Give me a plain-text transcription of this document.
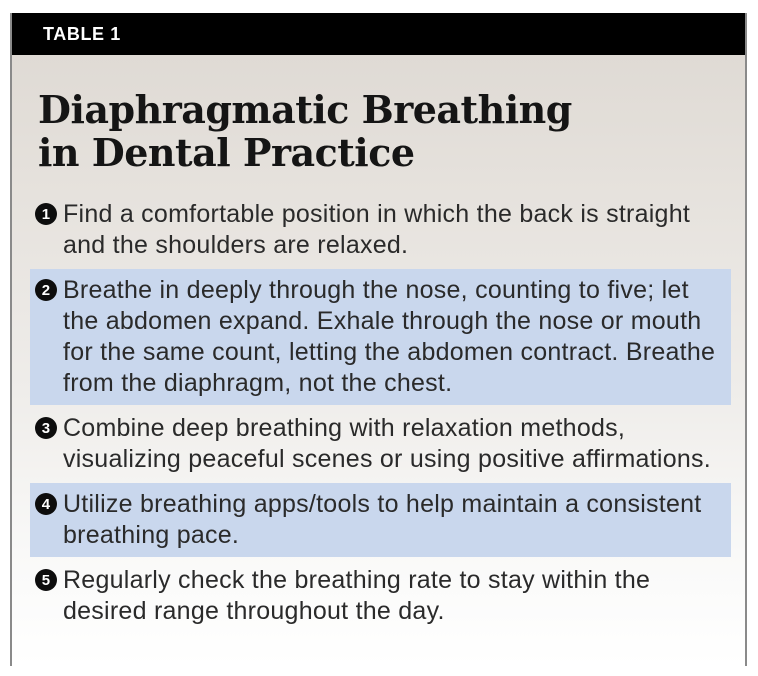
TABLE 1
Diaphragmatic Breathing
in Dental Practice
1 Find a comfortable position in which the back is straight and the shoulders are relaxed.
2 Breathe in deeply through the nose, counting to five; let the abdomen expand. Exhale through the nose or mouth for the same count, letting the abdomen contract. Breathe from the diaphragm, not the chest.
3 Combine deep breathing with relaxation methods, visualizing peaceful scenes or using positive affirmations.
4 Utilize breathing apps/tools to help maintain a consistent breathing pace.
5 Regularly check the breathing rate to stay within the desired range throughout the day.
